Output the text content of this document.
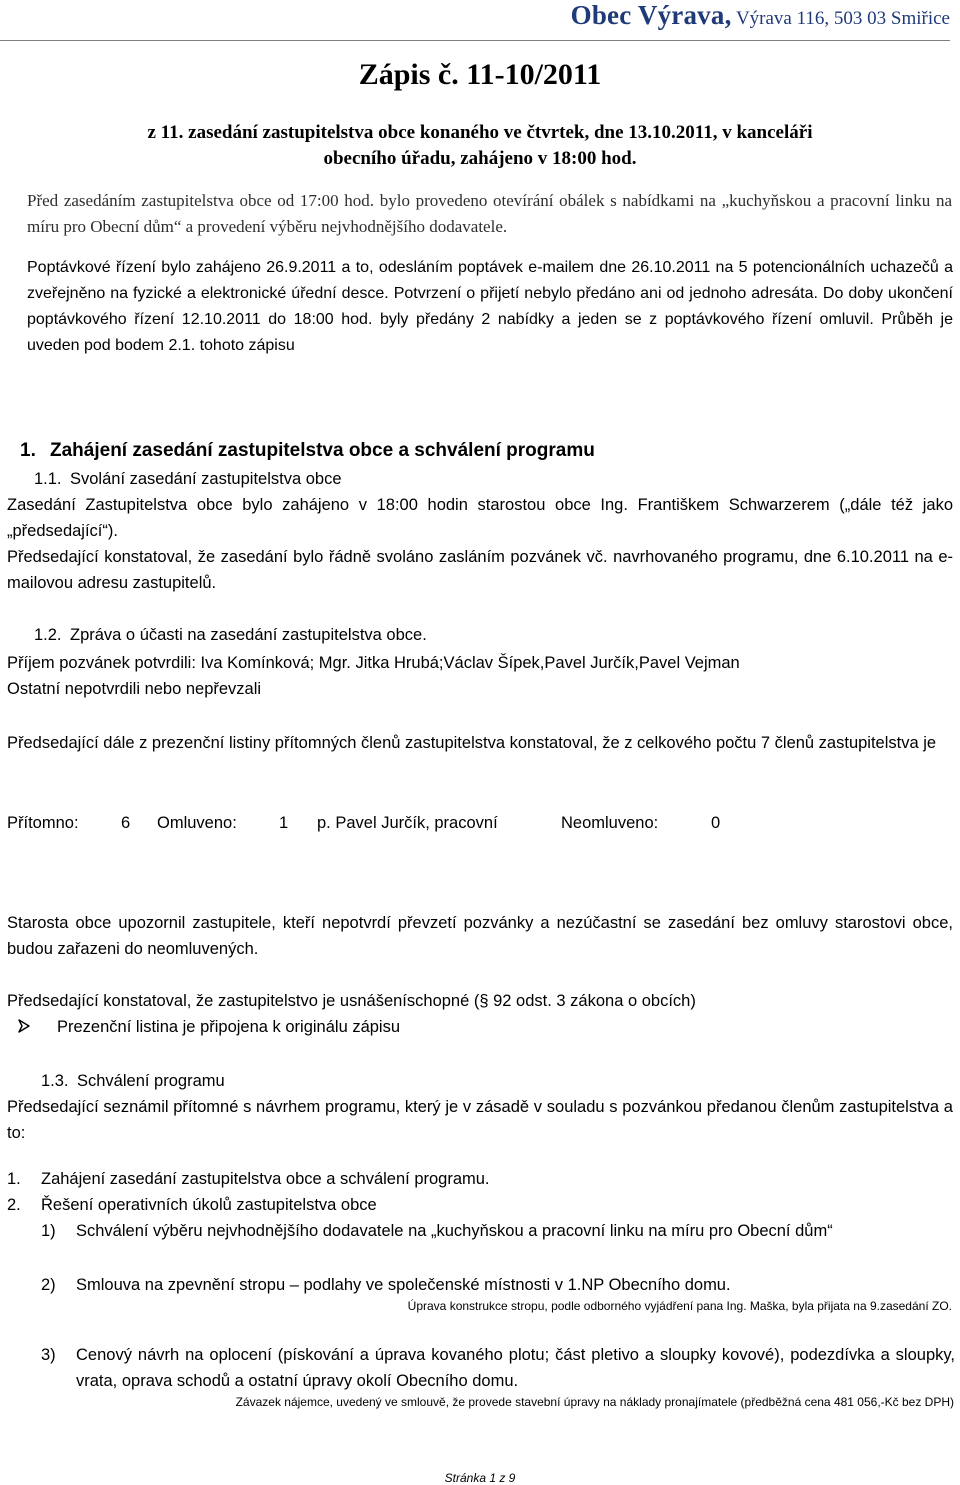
Obec Výrava, Výrava 116, 503 03 Smiřice
Zápis č. 11-10/2011
z 11. zasedání zastupitelstva obce konaného ve čtvrtek, dne 13.10.2011, v kanceláři
obecního úřadu, zahájeno v 18:00 hod.
Před zasedáním zastupitelstva obce od 17:00 hod. bylo provedeno otevírání obálek s nabídkami na „kuchyňskou a pracovní linku na míru pro Obecní dům“ a provedení výběru nejvhodnějšího dodavatele.
Poptávkové řízení bylo zahájeno 26.9.2011 a to, odesláním poptávek e-mailem dne 26.10.2011 na 5 potencionálních uchazečů a zveřejněno na fyzické a elektronické úřední desce. Potvrzení o přijetí nebylo předáno ani od jednoho adresáta. Do doby ukončení poptávkového řízení 12.10.2011 do 18:00 hod. byly předány 2 nabídky a jeden se z poptávkového řízení omluvil. Průběh je uveden pod bodem 2.1. tohoto zápisu
1. Zahájení zasedání zastupitelstva obce a schválení programu
1.1. Svolání zasedání zastupitelstva obce
Zasedání Zastupitelstva obce bylo zahájeno v 18:00 hodin starostou obce Ing. Františkem Schwarzerem („dále též jako „předsedající“).
Předsedající konstatoval, že zasedání bylo řádně svoláno zasláním pozvánek vč. navrhovaného programu, dne 6.10.2011 na e-mailovou adresu zastupitelů.
1.2. Zpráva o účasti na zasedání zastupitelstva obce.
Příjem pozvánek potvrdili: Iva Komínková; Mgr. Jitka Hrubá;Václav Šípek,Pavel Jurčík,Pavel Vejman
Ostatní nepotvrdili nebo nepřevzali
Předsedající dále z prezenční listiny přítomných členů zastupitelstva konstatoval, že z celkového počtu 7 členů zastupitelstva je
Přítomno:	6 Omluveno:	1 p. Pavel Jurčík, pracovní	Neomluveno:	0
Starosta obce upozornil zastupitele, kteří nepotvrdí převzetí pozvánky a nezúčastní se zasedání bez omluvy starostovi obce, budou zařazeni do neomluvených.
Předsedající konstatoval, že zastupitelstvo je usnášeníschopné (§ 92 odst. 3 zákona o obcích)
Prezenční listina je připojena k originálu zápisu
1.3. Schválení programu
Předsedající seznámil přítomné s návrhem programu, který je v zásadě v souladu s pozvánkou předanou členům zastupitelstva a to:
1. Zahájení zasedání zastupitelstva obce a schválení programu.
2. Řešení operativních úkolů zastupitelstva obce
1)	Schválení výběru nejvhodnějšího dodavatele na „kuchyňskou a pracovní linku na míru pro Obecní dům“
2)	Smlouva na zpevnění stropu – podlahy ve společenské místnosti v 1.NP Obecního domu.
Úprava konstrukce stropu, podle odborného vyjádření pana Ing. Maška, byla přijata na 9.zasedání ZO.
3)	Cenový návrh na oplocení (pískování a úprava kovaného plotu; část pletivo a sloupky kovové), podezdívka a sloupky, vrata, oprava schodů a ostatní úpravy okolí Obecního domu.
Závazek nájemce, uvedený ve smlouvě, že provede stavební úpravy na náklady pronajímatele (předběžná cena 481 056,-Kč bez DPH)
Stránka 1 z 9
